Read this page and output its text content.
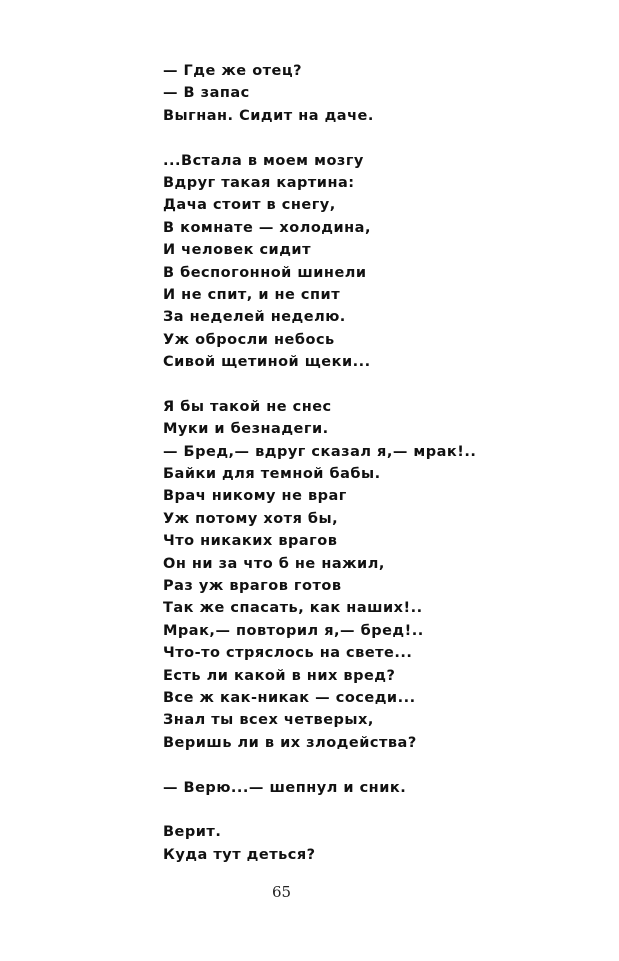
— Где же отец?
— В запас
Выгнан. Сидит на даче.
...Встала в моем мозгу
Вдруг такая картина:
Дача стоит в снегу,
В комнате — холодина,
И человек сидит
В беспогонной шинели
И не спит, и не спит
За неделей неделю.
Уж обросли небось
Сивой щетиной щеки...
Я бы такой не снес
Муки и безнадеги.
— Бред,— вдруг сказал я,— мрак!..
Байки для темной бабы.
Врач никому не враг
Уж потому хотя бы,
Что никаких врагов
Он ни за что б не нажил,
Раз уж врагов готов
Так же спасать, как наших!..
Мрак,— повторил я,— бред!..
Что-то стряслось на свете...
Есть ли какой в них вред?
Все ж как-никак — соседи...
Знал ты всех четверых,
Веришь ли в их злодейства?
— Верю...— шепнул и сник.
Верит.
Куда тут деться?
65
